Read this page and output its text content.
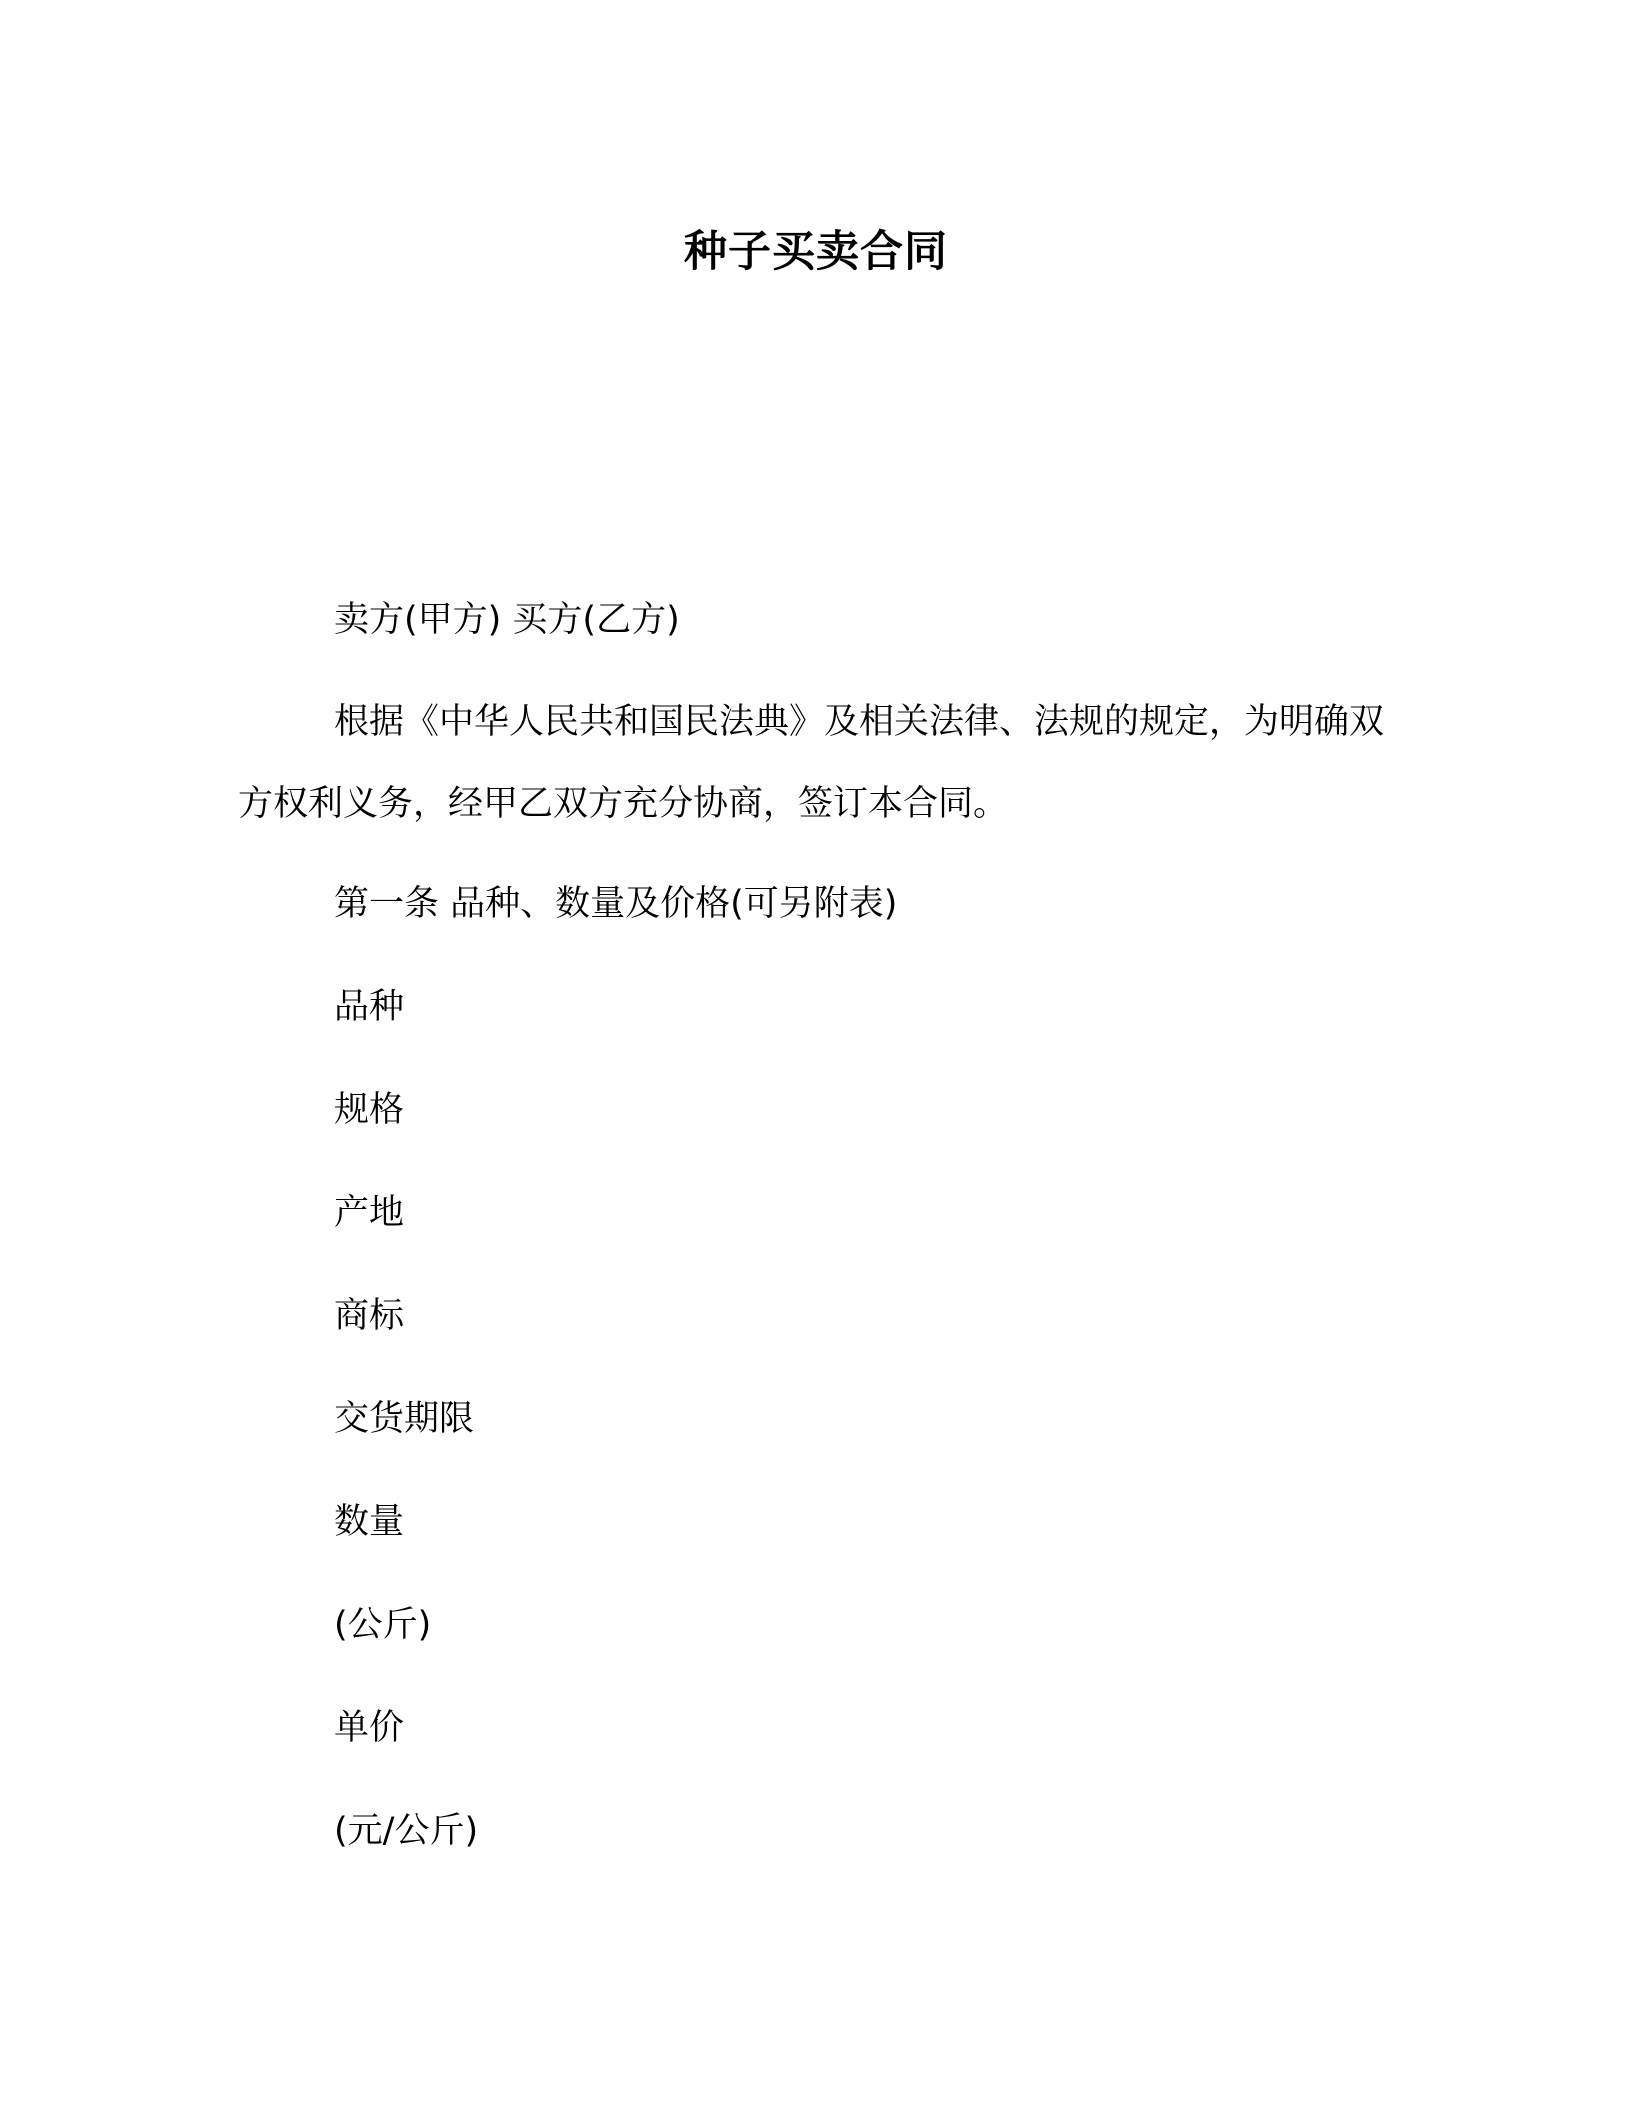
种子买卖合同
卖方(甲方) 买方(乙方)
根据《中华人民共和国民法典》及相关法律、法规的规定，为明确双方权利义务，经甲乙双方充分协商，签订本合同。
第一条 品种、数量及价格(可另附表)
品种
规格
产地
商标
交货期限
数量
(公斤)
单价
(元/公斤)
